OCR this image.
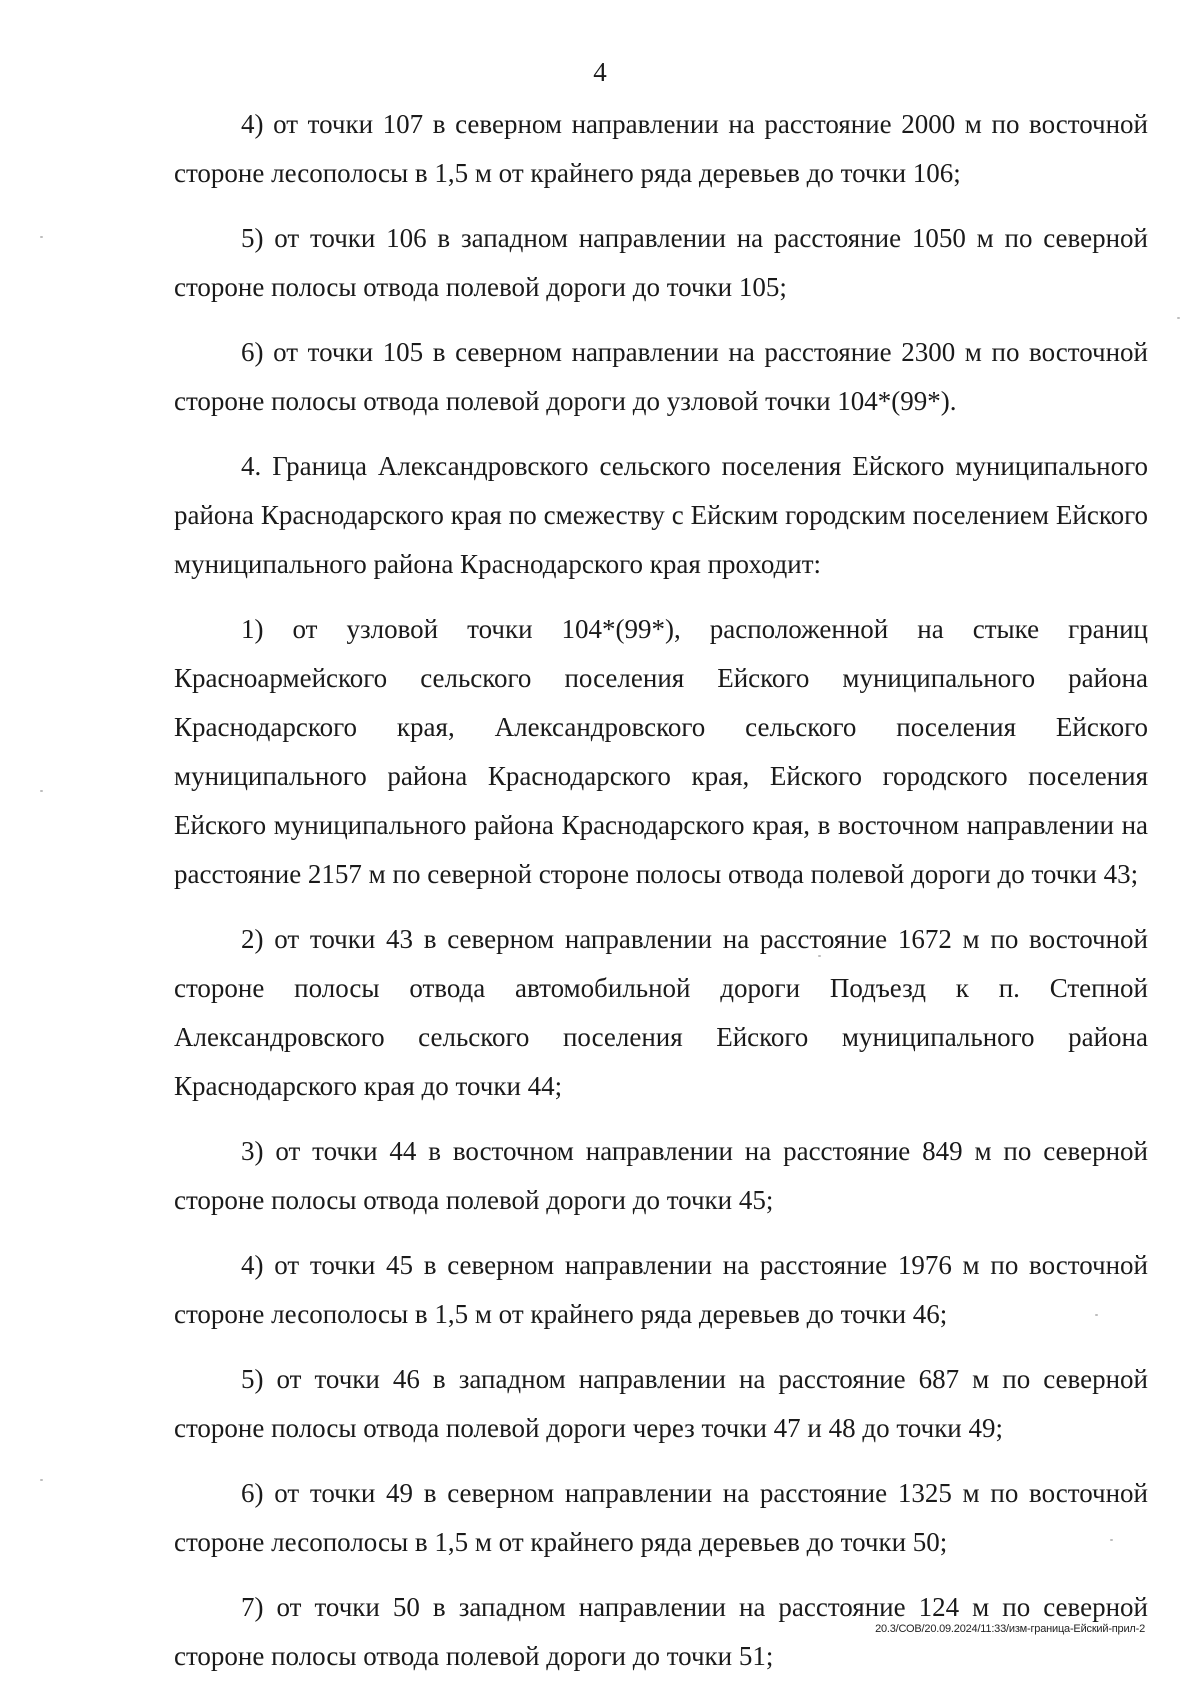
4

4) от точки 107 в северном направлении на расстояние 2000 м по восточной стороне лесополосы в 1,5 м от крайнего ряда деревьев до точки 106;

5) от точки 106 в западном направлении на расстояние 1050 м по северной стороне полосы отвода полевой дороги до точки 105;

6) от точки 105 в северном направлении на расстояние 2300 м по восточной стороне полосы отвода полевой дороги до узловой точки 104*(99*).

4. Граница Александровского сельского поселения Ейского муниципального района Краснодарского края по смежеству с Ейским городским поселением Ейского муниципального района Краснодарского края проходит:

1) от узловой точки 104*(99*), расположенной на стыке границ Красноармейского сельского поселения Ейского муниципального района Краснодарского края, Александровского сельского поселения Ейского муниципального района Краснодарского края, Ейского городского поселения Ейского муниципального района Краснодарского края, в восточном направлении на расстояние 2157 м по северной стороне полосы отвода полевой дороги до точки 43;

2) от точки 43 в северном направлении на расстояние 1672 м по восточной стороне полосы отвода автомобильной дороги Подъезд к п. Степной Александровского сельского поселения Ейского муниципального района Краснодарского края до точки 44;

3) от точки 44 в восточном направлении на расстояние 849 м по северной стороне полосы отвода полевой дороги до точки 45;

4) от точки 45 в северном направлении на расстояние 1976 м по восточной стороне лесополосы в 1,5 м от крайнего ряда деревьев до точки 46;

5) от точки 46 в западном направлении на расстояние 687 м по северной стороне полосы отвода полевой дороги через точки 47 и 48 до точки 49;

6) от точки 49 в северном направлении на расстояние 1325 м по восточной стороне лесополосы в 1,5 м от крайнего ряда деревьев до точки 50;

7) от точки 50 в западном направлении на расстояние 124 м по северной стороне полосы отвода полевой дороги до точки 51;

20.3/СОВ/20.09.2024/11:33/изм-граница-Ейский-прил-2
